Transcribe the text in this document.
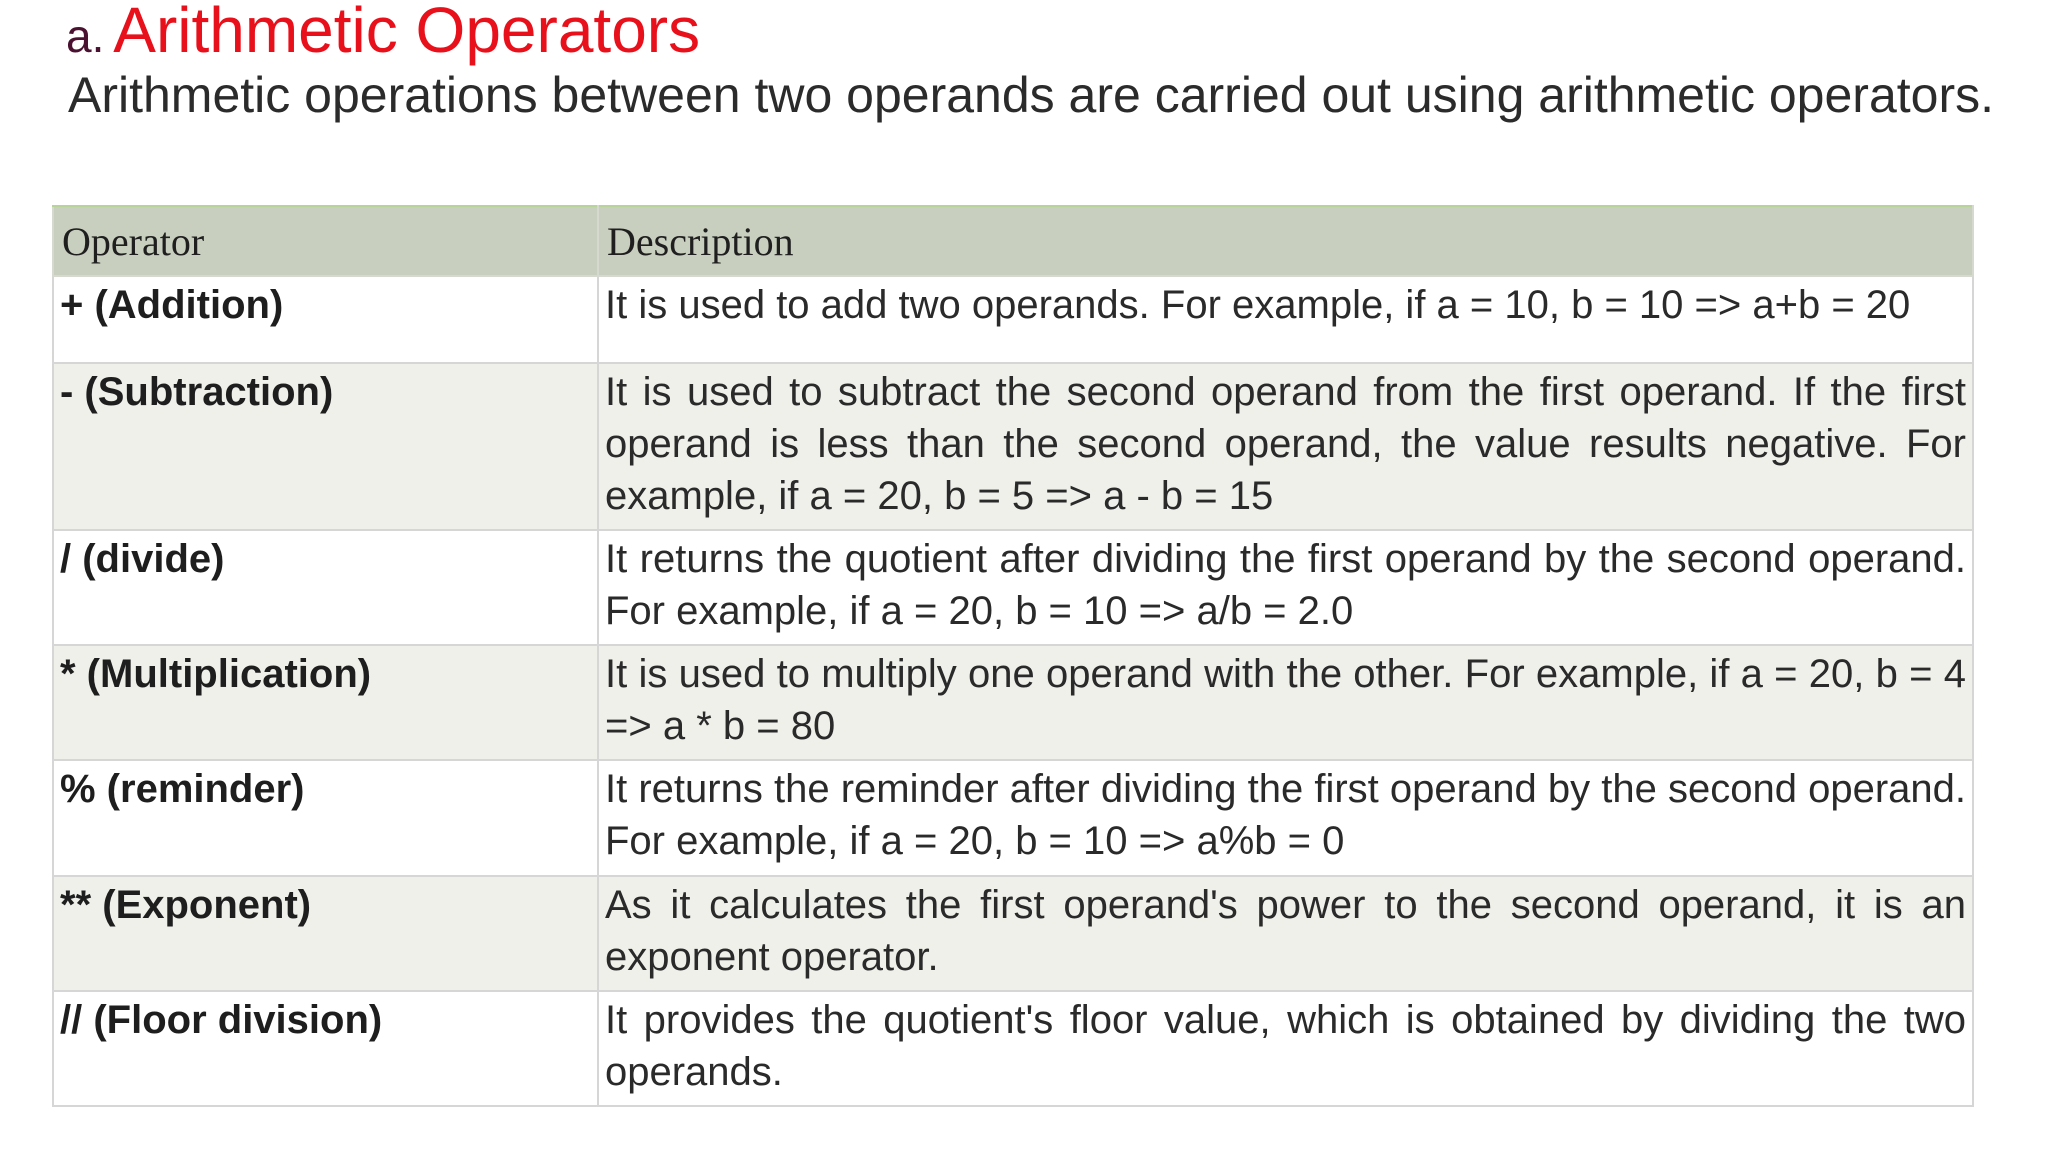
a. Arithmetic Operators

Arithmetic operations between two operands are carried out using arithmetic operators.

Operator	Description
+ (Addition)	It is used to add two operands. For example, if a = 10, b = 10 => a+b = 20
- (Subtraction)	It is used to subtract the second operand from the first operand. If the first operand is less than the second operand, the value results negative. For example, if a = 20, b = 5 => a - b = 15
/ (divide)	It returns the quotient after dividing the first operand by the second operand. For example, if a = 20, b = 10 => a/b = 2.0
* (Multiplication)	It is used to multiply one operand with the other. For example, if a = 20, b = 4 => a * b = 80
% (reminder)	It returns the reminder after dividing the first operand by the second operand. For example, if a = 20, b = 10 => a%b = 0
** (Exponent)	As it calculates the first operand's power to the second operand, it is an exponent operator.
// (Floor division)	It provides the quotient's floor value, which is obtained by dividing the two operands.
